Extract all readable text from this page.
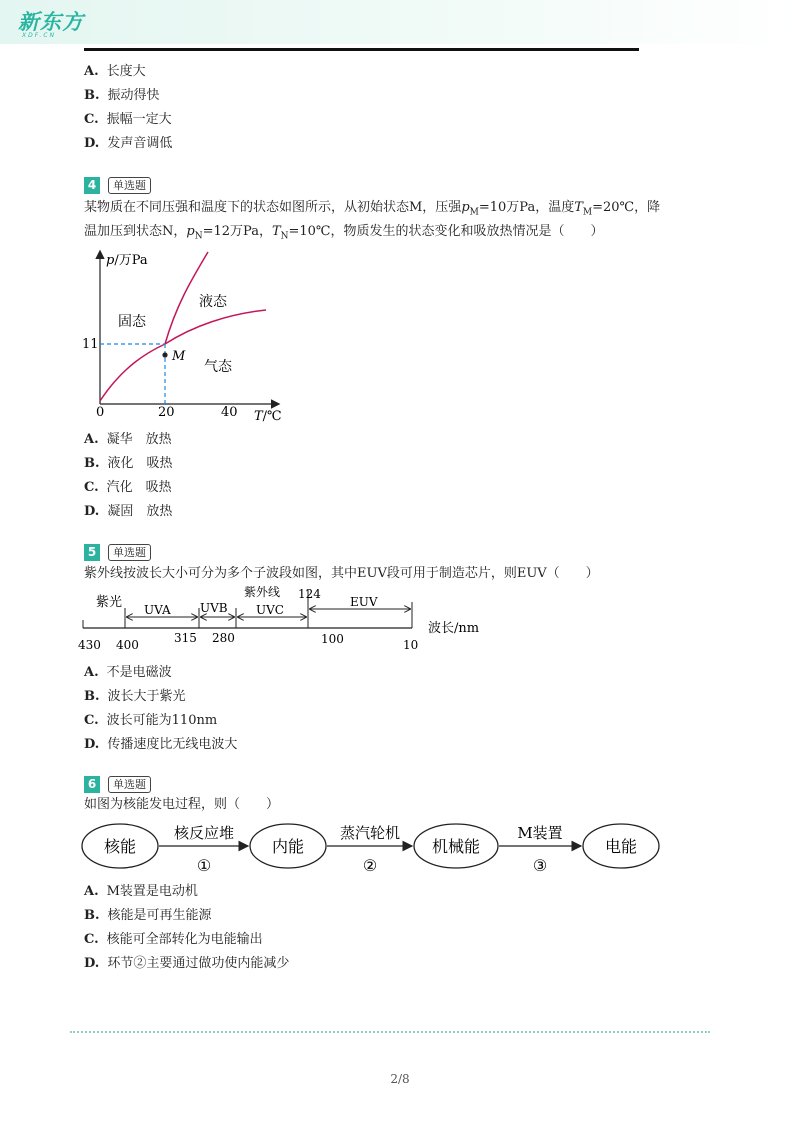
新东方
XDF.CN
A. 长度大
B. 振动得快
C. 振幅一定大
D. 发声音调低
4 单选题
某物质在不同压强和温度下的状态如图所示，从初始状态M，压强$p_M=10$万Pa，温度$T_M=20℃$，降
温加压到状态N，$p_N=12$万Pa，$T_N=10℃$，物质发生的状态变化和吸放热情况是（　　）
p/万Pa
T/℃
M
11
0	20	40
固态
液态
气态
A. 凝华　放热
B. 液化　吸热
C. 汽化　吸热
D. 凝固　放热
5 单选题
紫外线按波长大小可分为多个子波段如图，其中EUV段可用于制造芯片，则EUV（　　）
紫光
紫外线
UVA UVB UVC
EUV
124
430 400	315 280	100	10
波长/nm
A. 不是电磁波
B. 波长大于紫光
C. 波长可能为110nm
D. 传播速度比无线电波大
6 单选题
如图为核能发电过程，则（　　）
核能	内能	机械能	电能
核反应堆	蒸汽轮机	M装置
①	②	③
A. M装置是电动机
B. 核能是可再生能源
C. 核能可全部转化为电能输出
D. 环节②主要通过做功使内能减少
2/8
